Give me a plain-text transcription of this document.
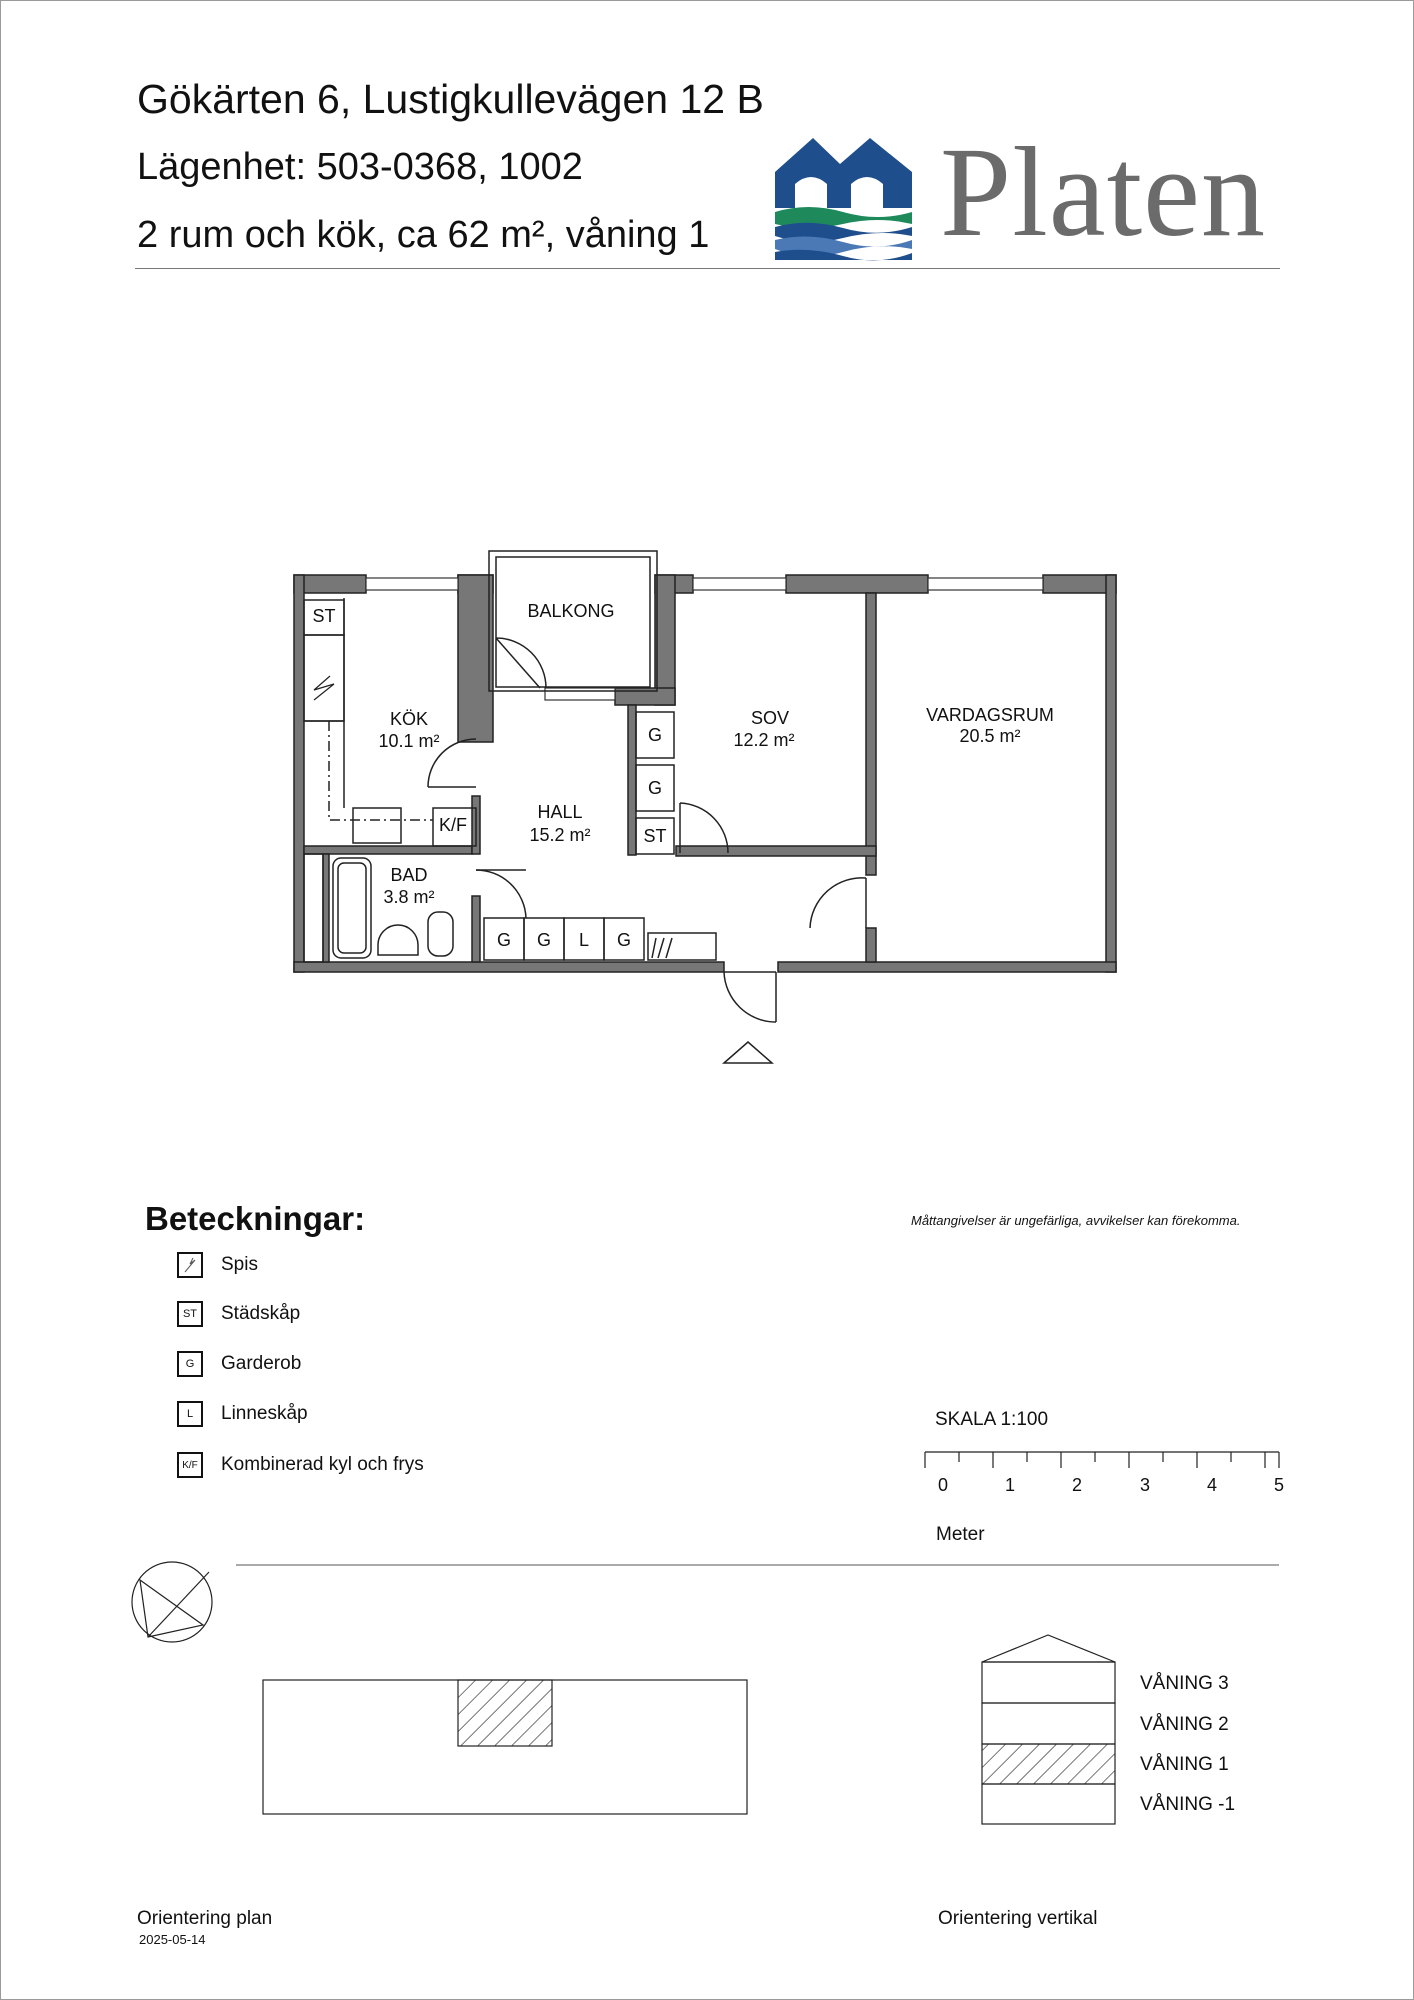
Gökärten 6, Lustigkullevägen 12 B
Lägenhet: 503-0368, 1002
2 rum och kök, ca 62 m², våning 1 Platen
KÖK
10.1 m²
BALKONG
SOV
12.2 m²
VARDAGSRUM
20.5 m²
HALL
15.2 m²
BAD
3.8 m²
ST
K/F
G
G
ST
G G L G
Beteckningar:
Spis
ST	Städskåp
G	Garderob
L	Linneskåp
K/F Kombinerad kyl och frys
Måttangivelser är ungefärliga, avvikelser kan förekomma.
SKALA 1:100
0	1	2	3	4	5
Meter
VÅNING 3
VÅNING 2
VÅNING 1
VÅNING -1
Orientering plan	Orientering vertikal
2025-05-14
